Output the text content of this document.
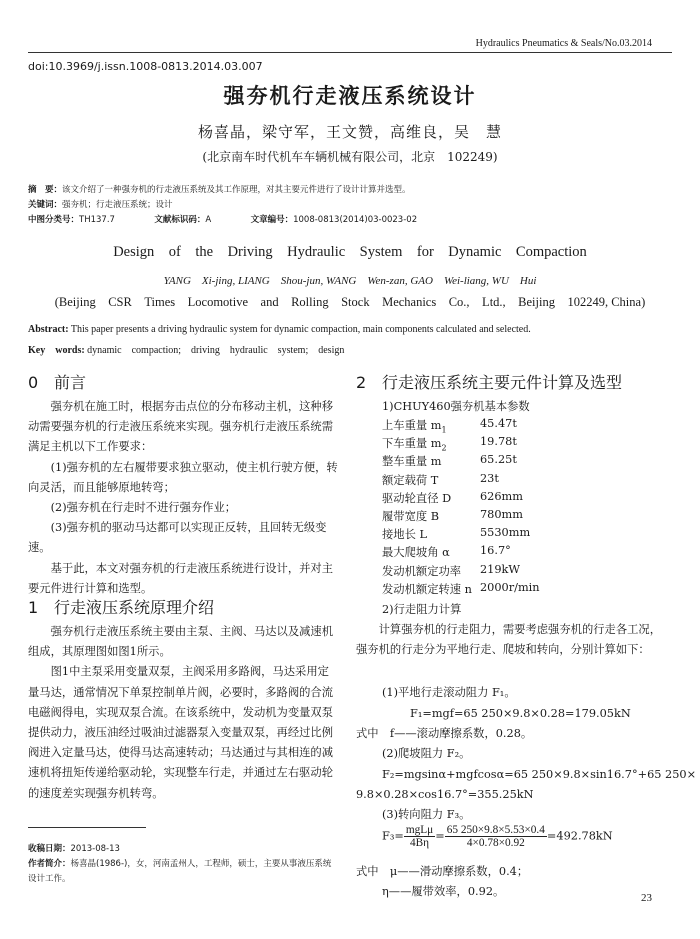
Hydraulics Pneumatics & Seals/No.03.2014
doi:10.3969/j.issn.1008-0813.2014.03.007
强夯机行走液压系统设计
杨喜晶，梁守军，王文赞，高维良，吴　慧
(北京南车时代机车车辆机械有限公司，北京　102249)
摘　要：该文介绍了一种强夯机的行走液压系统及其工作原理，对其主要元件进行了设计计算并选型。
关键词：强夯机；行走液压系统；设计
中图分类号：TH137.7	文献标识码：A	文章编号：1008-0813(2014)03-0023-02
Design　of　the　Driving　Hydraulic　System　for　Dynamic　Compaction
YANG　Xi-jing, LIANG　Shou-jun, WANG　Wen-zan, GAO　Wei-liang, WU　Hui
(Beijing　CSR　Times　Locomotive　and　Rolling　Stock　Mechanics　Co.,　Ltd.,　Beijing　102249, China)
Abstract: This paper presents a driving hydraulic system for dynamic compaction, main components calculated and selected.
Key　words: dynamic　compaction;　driving　hydraulic　system;　design
0 前言

强夯机在施工时，根据夯击点位的分布移动主机，这种移动需要强夯机的行走液压系统来实现。强夯机行走液压系统需满足主机以下工作要求：

(1)强夯机的左右履带要求独立驱动，使主机行驶方便，转向灵活，而且能够原地转弯；

(2)强夯机在行走时不进行强夯作业；

(3)强夯机的驱动马达都可以实现正反转，且回转无级变速。

基于此，本文对强夯机的行走液压系统进行设计，并对主要元件进行计算和选型。

1 行走液压系统原理介绍

强夯机行走液压系统主要由主泵、主阀、马达以及减速机组成，其原理图如图1所示。

图1中主泵采用变量双泵，主阀采用多路阀，马达采用定量马达，通常情况下单泵控制单片阀，必要时，多路阀的合流电磁阀得电，实现双泵合流。在该系统中，发动机为变量双泵提供动力，液压油经过吸油过滤器泵入变量双泵，再经过比例阀进入定量马达，使得马达高速转动；马达通过与其相连的减速机将扭矩传递给驱动轮，实现整车行走，并通过左右驱动轮的速度差实现强夯机转弯。

收稿日期：2013-08-13
作者简介：杨喜晶(1986-)，女，河南孟州人，工程师，硕士，主要从事液压系统设计工作。
2 行走液压系统主要元件计算及选型
1)CHUY460强夯机基本参数
上车重量 $m_1$	45.47t
下车重量 $m_2$	19.78t
整车重量 m	65.25t
额定载荷 T	23t
驱动轮直径 D	626mm
履带宽度 B	780mm
接地长 L	5530mm
最大爬坡角 α	16.7°
发动机额定功率 219kW
发动机额定转速 n 2000r/min
2)行走阻力计算
计算强夯机的行走阻力，需要考虑强夯机的行走各工况，强夯机的行走分为平地行走、爬坡和转向，分别计算如下：
(1)平地行走滚动阻力 F₁。
F₁=mgf=65 250×9.8×0.28=179.05kN
式中　f——滚动摩擦系数，0.28。
(2)爬坡阻力 F₂。
F₂=mgsinα+mgfcosα=65 250×9.8×sin16.7°+65 250×
9.8×0.28×cos16.7°=355.25kN
(3)转向阻力 F₃。
$F_3= \frac{\text{mgLμ}}{4B\eta} = \frac{65 250\times 9.8\times 5.53\times 0.4}{4\times 0.78\times 0.92} =492.78kN$
式中　μ——滑动摩擦系数，0.4；
η——履带效率，0.92。	23
